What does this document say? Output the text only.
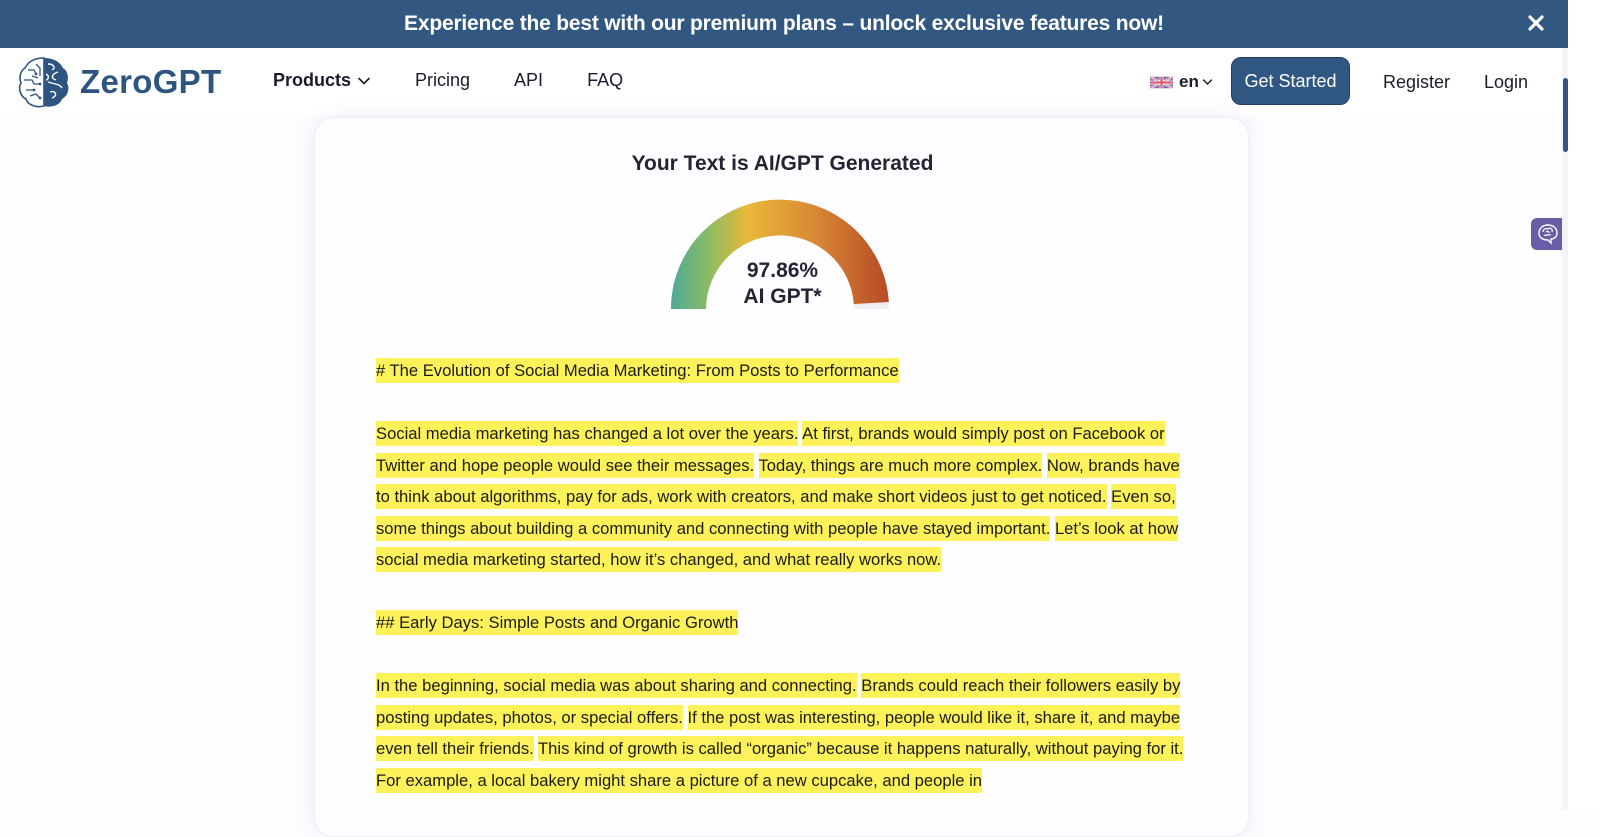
Experience the best with our premium plans – unlock exclusive features now!
ZeroGPT	Products	Pricing API FAQ	en	Get Started	Register Login
Your Text is AI/GPT Generated
97.86%
AI GPT*

# The Evolution of Social Media Marketing: From Posts to Performance

Social media marketing has changed a lot over the years. At first, brands would simply post on Facebook or Twitter and hope people would see their messages. Today, things are much more complex. Now, brands have to think about algorithms, pay for ads, work with creators, and make short videos just to get noticed. Even so, some things about building a community and connecting with people have stayed important. Let’s look at how social media marketing started, how it’s changed, and what really works now.

## Early Days: Simple Posts and Organic Growth

In the beginning, social media was about sharing and connecting. Brands could reach their followers easily by posting updates, photos, or special offers. If the post was interesting, people would like it, share it, and maybe even tell their friends. This kind of growth is called “organic” because it happens naturally, without paying for it. For example, a local bakery might share a picture of a new cupcake, and people in
